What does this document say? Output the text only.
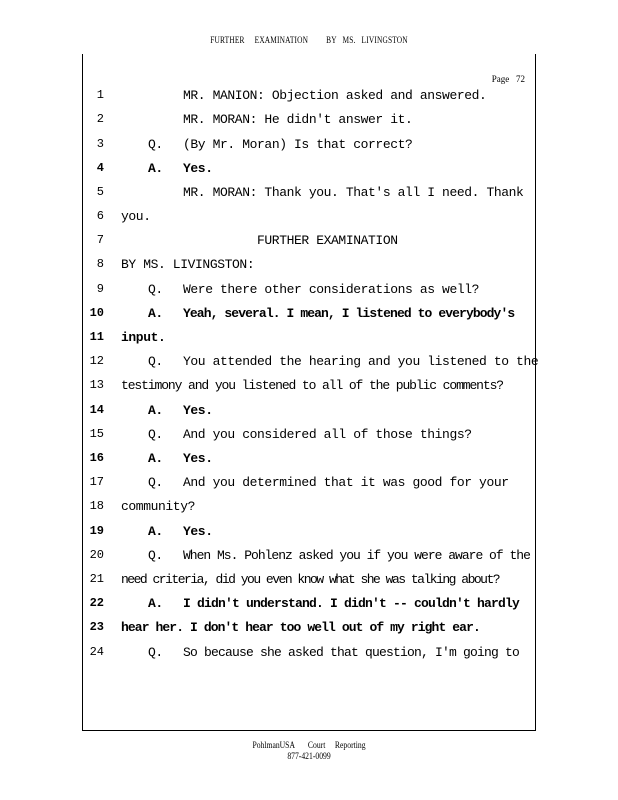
FURTHER     EXAMINATION         BY   MS.   LIVINGSTON
Page   72
1	MR. MANION: Objection asked and answered.
2	MR. MORAN: He didn't answer it.
3	Q. (By Mr. Moran) Is that correct?
4	A. Yes.
5	MR. MORAN: Thank you. That's all I need. Thank
6 you.
7	FURTHER EXAMINATION
8 BY MS. LIVINGSTON:
9	Q. Were there other considerations as well?
10	A. Yeah, several. I mean, I listened to everybody's
11 input.
12	Q. You attended the hearing and you listened to the
13 testimony and you listened to all of the public comments?
14	A. Yes.
15	Q. And you considered all of those things?
16	A. Yes.
17	Q. And you determined that it was good for your
18 community?
19	A. Yes.
20	Q. When Ms. Pohlenz asked you if you were aware of the
21 need criteria, did you even know what she was talking about?
22	A. I didn't understand. I didn't -- couldn't hardly
23 hear her. I don't hear too well out of my right ear.
24	Q. So because she asked that question, I'm going to
PohlmanUSA       Court     Reporting
877-421-0099
